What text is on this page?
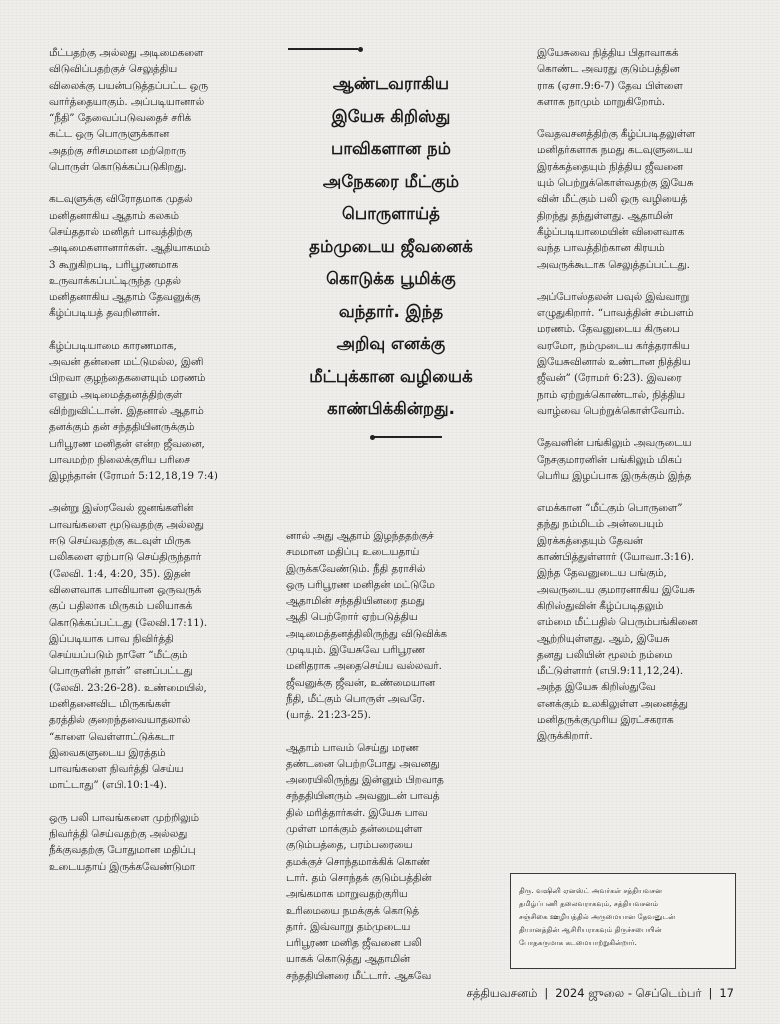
மீட்பதற்கு அல்லது அடிமைகளை
விடுவிப்பதற்குச் செலுத்திய
விலைக்கு பயன்படுத்தப்பட்ட ஒரு
வார்த்தையாகும். அப்படியானால்
“நீதி” தேவைப்படுவதைச் சரிக்
கட்ட ஒரு பொருளுக்கான
அதற்கு சரிசமமான மற்றொரு
பொருள் கொடுக்கப்படுகிறது.

கடவுளுக்கு விரோதமாக முதல்
மனிதனாகிய ஆதாம் கலகம்
செய்ததால் மனிதர் பாவத்திற்கு
அடிமைகளானார்கள். ஆதியாகமம்
3 கூறுகிறபடி, பரிபூரணமாக
உருவாக்கப்பட்டிருந்த முதல்
மனிதனாகிய ஆதாம் தேவனுக்கு
கீழ்ப்படியத் தவறினான்.

கீழ்ப்படியாமை காரணமாக,
அவன் தன்னை மட்டுமல்ல, இனி
பிறவா குழந்தைகளையும் மரணம்
எனும் அடிமைத்தனத்திற்குள்
விற்றுவிட்டான். இதனால் ஆதாம்
தனக்கும் தன் சந்ததியினருக்கும்
பரிபூரண மனிதன் என்ற ஜீவனை,
பாவமற்ற நிலைக்குரிய பரிசை
இழந்தான் (ரோமர் 5:12,18,19 7:4)

அன்று இஸ்ரவேல் ஜனங்களின்
பாவங்களை மூடுவதற்கு அல்லது
ஈடு செய்வதற்கு கடவுள் மிருக
பலிகளை ஏற்பாடு செய்திருந்தார்
(லேவி. 1:4, 4:20, 35). இதன்
விளைவாக பாவியான ஒருவருக்
குப் பதிலாக மிருகம் பலியாகக்
கொடுக்கப்பட்டது (லேவி.17:11).
இப்படியாக பாவ நிவிர்த்தி
செய்யப்படும் நாளே “மீட்கும்
பொருளின் நாள்” எனப்பட்டது
(லேவி. 23:26-28). உண்மையில்,
மனிதனைவிட மிருகங்கள்
தரத்தில் குறைந்தவையாதலால்
“காளை வெள்ளாட்டுக்கடா
இவைகளுடைய இரத்தம்
பாவங்களை நிவர்த்தி செய்ய
மாட்டாது” (எபி.10:1-4).

ஒரு பலி பாவங்களை முற்றிலும்
நிவர்த்தி செய்வதற்கு அல்லது
நீக்குவதற்கு போதுமான மதிப்பு
உடையதாய் இருக்கவேண்டுமா

ஆண்டவராகிய
இயேசு கிறிஸ்து
பாவிகளான நம்
அநேகரை மீட்கும்
பொருளாய்த்
தம்முடைய ஜீவனைக்
கொடுக்க பூமிக்கு
வந்தார். இந்த
அறிவு எனக்கு
மீட்புக்கான வழியைக்
காண்பிக்கின்றது.

னால் அது ஆதாம் இழந்ததற்குச்
சமமான மதிப்பு உடையதாய்
இருக்கவேண்டும். நீதி தராசில்
ஒரு பரிபூரண மனிதன் மட்டுமே
ஆதாமின் சந்ததியினரை தமது
ஆதி பெற்றோர் ஏற்படுத்திய
அடிமைத்தனத்திலிருந்து விடுவிக்க
முடியும். இயேசுவே பரிபூரண
மனிதராக அதைசெய்ய வல்லவர்.
ஜீவனுக்கு ஜீவன், உண்மையான
நீதி, மீட்கும் பொருள் அவரே.
(யாத். 21:23-25).

ஆதாம் பாவம் செய்து மரண
தண்டனை பெற்றபோது அவனது
அரையிலிருந்து இன்னும் பிறவாத
சந்ததியினரும் அவனுடன் பாவத்
தில் மரித்தார்கள். இயேசு பாவ
முள்ள மாக்கும் தன்மையுள்ள
குடும்பத்தை, பரம்பரையை
தமக்குச் சொந்தமாக்கிக் கொண்
டார். தம் சொந்தக் குடும்பத்தின்
அங்கமாக மாறுவதற்குரிய
உரிமையை நமக்குக் கொடுத்
தார். இவ்வாறு தம்முடைய
பரிபூரண மனித ஜீவனை பலி
யாகக் கொடுத்து ஆதாமின்
சந்ததியினரை மீட்டார். ஆகவே

இயேசுவை நித்திய பிதாவாகக்
கொண்ட அவரது குடும்பத்தின
ராக (ஏசா.9:6-7) தேவ பிள்ளை
களாக நாமும் மாறுகிறோம்.

வேதவசனத்திற்கு கீழ்ப்படிதலுள்ள
மனிதர்களாக நமது கடவுளுடைய
இரக்கத்தையும் நித்திய ஜீவனை
யும் பெற்றுக்கொள்வதற்கு இயேசு
வின் மீட்கும் பலி ஒரு வழியைத்
திறந்து தந்துள்ளது. ஆதாமின்
கீழ்ப்படியாமையின் விளைவாக
வந்த பாவத்திற்கான கிரயம்
அவருக்கூடாக செலுத்தப்பட்டது.

அப்போஸ்தலன் பவுல் இவ்வாறு
எழுதுகிறார். “பாவத்தின் சம்பளம்
மரணம். தேவனுடைய கிருபை
வரமோ, நம்முடைய கர்த்தராகிய
இயேசுவினால் உண்டான நித்திய
ஜீவன்” (ரோமர் 6:23). இவரை
நாம் ஏற்றுக்கொண்டால், நித்திய
வாழ்வை பெற்றுக்கொள்வோம்.

தேவனின் பங்கிலும் அவருடைய
நேசகுமாரனின் பங்கிலும் மிகப்
பெரிய இழப்பாக இருக்கும் இந்த

எமக்கான “மீட்கும் பொருளை”
தந்து நம்மிடம் அன்பையும்
இரக்கத்தையும் தேவன்
காண்பித்துள்ளார் (யோவா.3:16).
இந்த தேவனுடைய பங்கும்,
அவருடைய குமாரனாகிய இயேசு
கிறிஸ்துவின் கீழ்ப்படிதலும்
எம்மை மீட்பதில் பெரும்பங்கினை
ஆற்றியுள்ளது. ஆம், இயேசு
தனது பலியின் மூலம் நம்மை
மீட்டுள்ளார் (எபி.9:11,12,24).
அந்த இயேசு கிறிஸ்துவே
எனக்கும் உலகிலுள்ள அனைத்து
மனிதருக்குமுரிய இரட்சகராக
இருக்கிறார்.

திரு. வஷினி ஏனஸ்ட் அவர்கள் சத்தியவசன
தமிழ்ப்பணி தலைவராகவும், சத்தியவசனம்
சஞ்சிகை ஊழியத்தில் அருமையான தேவனுடன்
தியானத்தின் ஆசிரியராகவும் திருச்சபையின்
போதகருமாக கடமையாற்றுகின்றார்.
சத்தியவசனம் | 2024 ஜுலை - செப்டெம்பர் | 17
